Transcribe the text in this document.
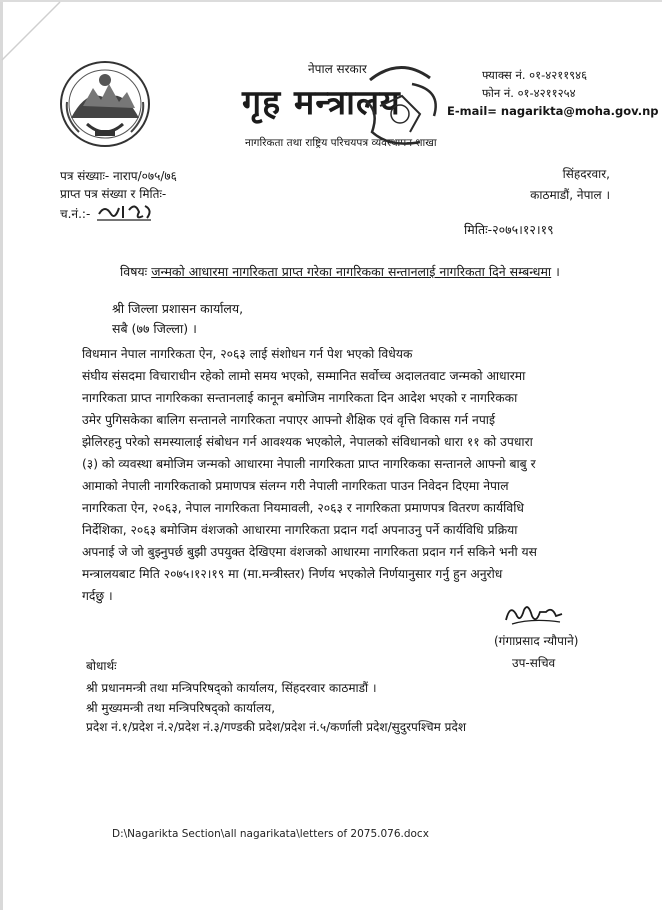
नेपाल सरकार
गृह मन्त्रालय
नागरिकता तथा राष्ट्रिय परिचयपत्र व्यवस्थापन शाखा
फ्याक्स नं. ०१-४२११९४६
फोन नं. ०१-४२११२५४
E-mail= nagarikta@moha.gov.np
पत्र संख्याः- नाराप/०७५/७६
प्राप्त पत्र संख्या र मितिः-
च.नं.:-
सिंहदरवार,
काठमाडौं, नेपाल ।
मितिः-२०७५।१२।१९
विषयः जन्मको आधारमा नागरिकता प्राप्त गरेका नागरिकका सन्तानलाई नागरिकता दिने सम्बन्धमा ।
श्री जिल्ला प्रशासन कार्यालय,
सबै (७७ जिल्ला) ।
विधमान नेपाल नागरिकता ऐन, २०६३ लाई संशोधन गर्न पेश भएको विधेयक
संघीय संसदमा विचाराधीन रहेको लामो समय भएको, सम्मानित सर्वोच्च अदालतवाट जन्मको आधारमा
नागरिकता प्राप्त नागरिकका सन्तानलाई कानून बमोजिम नागरिकता दिन आदेश भएको र नागरिकका
उमेर पुगिसकेका बालिग सन्तानले नागरिकता नपाएर आफ्नो शैक्षिक एवं वृत्ति विकास गर्न नपाई
झेलिरहनु परेको समस्यालाई संबोधन गर्न आवश्यक भएकोले, नेपालको संविधानको धारा ११ को उपधारा
(३) को व्यवस्था बमोजिम जन्मको आधारमा नेपाली नागरिकता प्राप्त नागरिकका सन्तानले आफ्नो बाबु र
आमाको नेपाली नागरिकताको प्रमाणपत्र संलग्न गरी नेपाली नागरिकता पाउन निवेदन दिएमा नेपाल
नागरिकता ऐन, २०६३, नेपाल नागरिकता नियमावली, २०६३ र नागरिकता प्रमाणपत्र वितरण कार्यविधि
निर्देशिका, २०६३ बमोजिम वंशजको आधारमा नागरिकता प्रदान गर्दा अपनाउनु पर्ने कार्यविधि प्रक्रिया
अपनाई जे जो बुझ्नुपर्छ बुझी उपयुक्त देखिएमा वंशजको आधारमा नागरिकता प्रदान गर्न सकिने भनी यस
मन्त्रालयबाट मिति २०७५।१२।१९ मा (मा.मन्त्रीस्तर) निर्णय भएकोले निर्णयानुसार गर्नु हुन अनुरोध
गर्दछु ।
(गंगाप्रसाद न्यौपाने)
उप-सचिव
बोधार्थः
श्री प्रधानमन्त्री तथा मन्त्रिपरिषद्को कार्यालय, सिंहदरवार काठमाडौं ।
श्री मुख्यमन्त्री तथा मन्त्रिपरिषद्को कार्यालय,
प्रदेश नं.१/प्रदेश नं.२/प्रदेश नं.३/गण्डकी प्रदेश/प्रदेश नं.५/कर्णाली प्रदेश/सुदुरपश्चिम प्रदेश
D:\Nagarikta Section\all nagarikata\letters of 2075.076.docx
